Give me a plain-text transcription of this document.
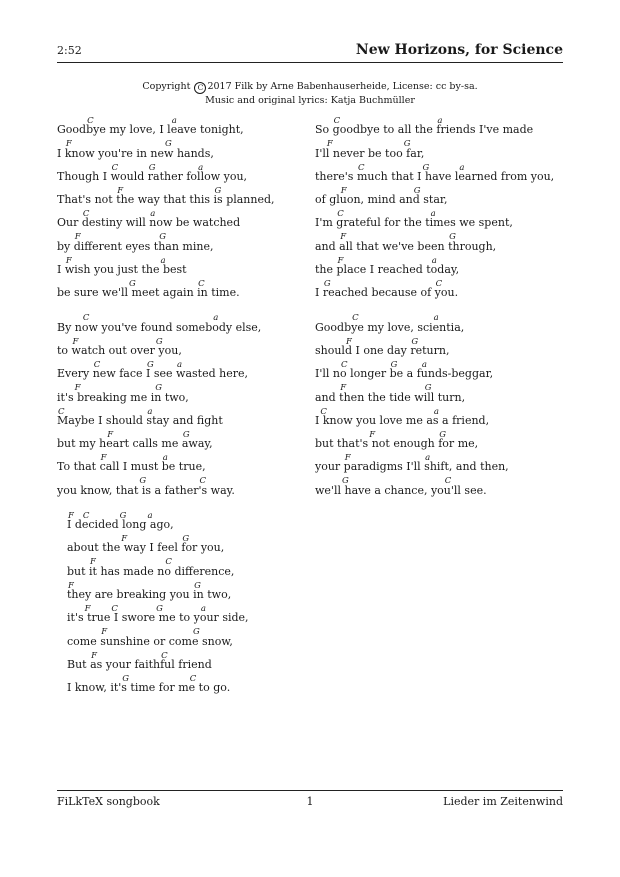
2:52	New Horizons, for Science
Copyright C 2017 Filk by Arne Babenhauserheide, License: cc by-sa.
Music and original lyrics: Katja Buchmüller
Goodbye my love, I leave tonight,
C	a
I know you're in new hands,
F	G
Though I would rather follow you,
C	G	a
That's not the way that this is planned,
F	G
Our destiny will now be watched
C	a
by different eyes than mine,
F	G
I wish you just the best
F	a
be sure we'll meet again in time.
G	C
By now you've found somebody else,
C	a
to watch out over you,
F	G
Every new face I see wasted here,
C	G	a
it's breaking me in two,
F	G
Maybe I should stay and fight
C	a
but my heart calls me away,
F	G
To that call I must be true,
F	a
you know, that is a father's way.
G	C
I decided long ago,
F C	G a
about the way I feel for you,
F	G
but it has made no difference,
F	C
they are breaking you in two,
F	G
it's true I swore me to your side,
F C	G	a
come sunshine or come snow,
F	G
But as your faithful friend
F	C
I know, it's time for me to go.
G	C
So goodbye to all the friends I've made
C	a
I'll never be too far,
F	G
there's much that I have learned from you,
C	G	a
of gluon, mind and star,
F	G
I'm grateful for the times we spent,
C	a
and all that we've been through,
F	G
the place I reached today,
F	a
I reached because of you.
G	C
Goodbye my love, scientia,
C	a
should I one day return,
F	G
I'll no longer be a funds-beggar,
C	G	a
and then the tide will turn,
F	G
I know you love me as a friend,
C	a
but that's not enough for me,
F	G
your paradigms I'll shift, and then,
F	a
we'll have a chance, you'll see.
G	C
FiLkTeX songbook	1	Lieder im Zeitenwind
